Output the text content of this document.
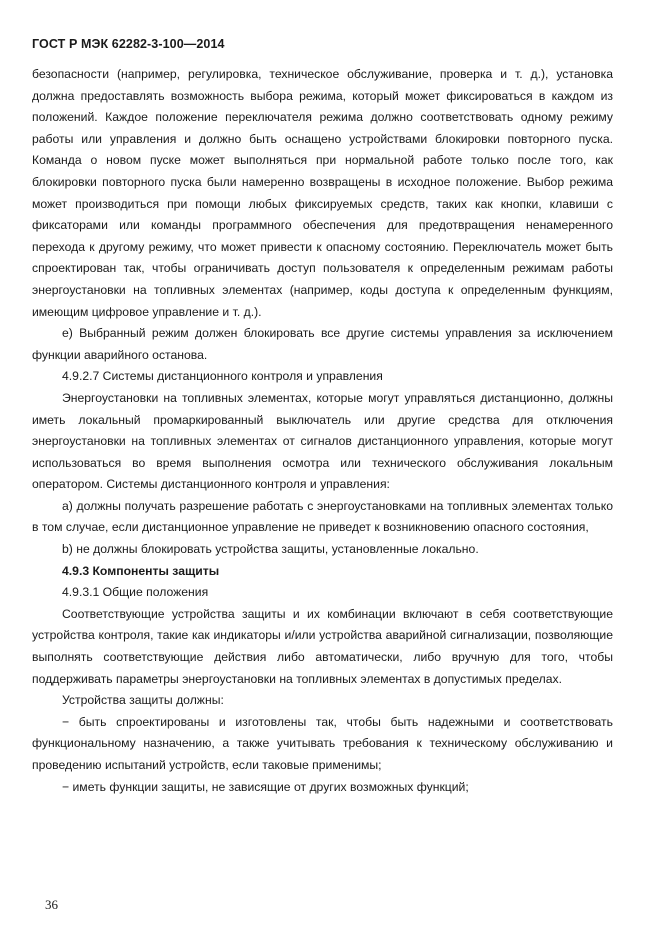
ГОСТ Р МЭК 62282-3-100—2014

безопасности (например, регулировка, техническое обслуживание, проверка и т. д.), установка должна предоставлять возможность выбора режима, который может фиксироваться в каждом из положений. Каждое положение переключателя режима должно соответствовать одному режиму работы или управления и должно быть оснащено устройствами блокировки повторного пуска. Команда о новом пуске может выполняться при нормальной работе только после того, как блокировки повторного пуска были намеренно возвращены в исходное положение. Выбор режима может производиться при помощи любых фиксируемых средств, таких как кнопки, клавиши с фиксаторами или команды программного обеспечения для предотвращения ненамеренного перехода к другому режиму, что может привести к опасному состоянию. Переключатель может быть спроектирован так, чтобы ограничивать доступ пользователя к определенным режимам работы энергоустановки на топливных элементах (например, коды доступа к определенным функциям, имеющим цифровое управление и т. д.).

е) Выбранный режим должен блокировать все другие системы управления за исключением функции аварийного останова.

4.9.2.7 Системы дистанционного контроля и управления

Энергоустановки на топливных элементах, которые могут управляться дистанционно, должны иметь локальный промаркированный выключатель или другие средства для отключения энергоустановки на топливных элементах от сигналов дистанционного управления, которые могут использоваться во время выполнения осмотра или технического обслуживания локальным оператором. Системы дистанционного контроля и управления:

a) должны получать разрешение работать с энергоустановками на топливных элементах только в том случае, если дистанционное управление не приведет к возникновению опасного состояния,

b) не должны блокировать устройства защиты, установленные локально.

4.9.3 Компоненты защиты

4.9.3.1 Общие положения

Соответствующие устройства защиты и их комбинации включают в себя соответствующие устройства контроля, такие как индикаторы и/или устройства аварийной сигнализации, позволяющие выполнять соответствующие действия либо автоматически, либо вручную для того, чтобы поддерживать параметры энергоустановки на топливных элементах в допустимых пределах.

Устройства защиты должны:

− быть спроектированы и изготовлены так, чтобы быть надежными и соответствовать функциональному назначению, а также учитывать требования к техническому обслуживанию и проведению испытаний устройств, если таковые применимы;

− иметь функции защиты, не зависящие от других возможных функций;

36
